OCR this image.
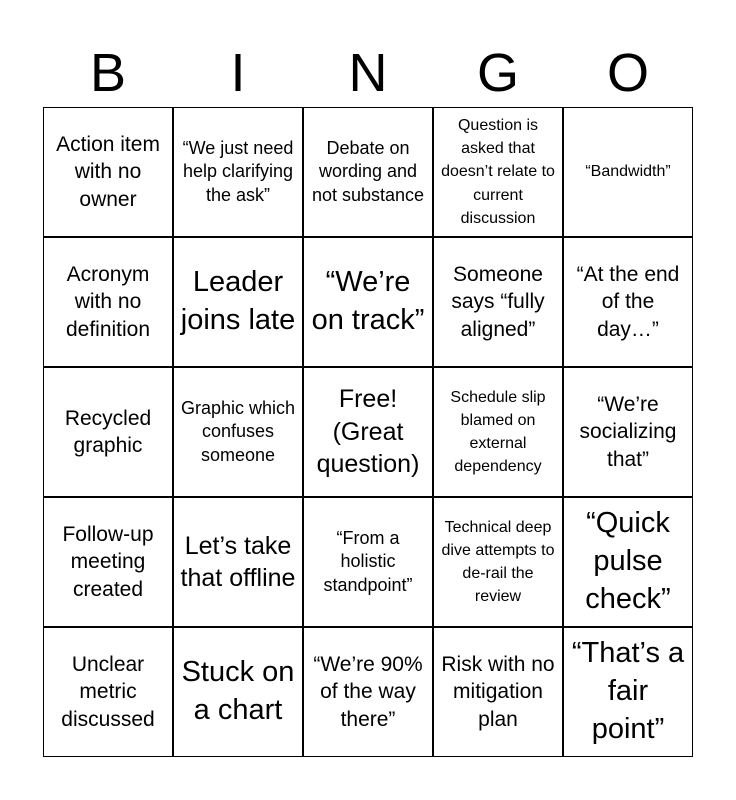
B	I	N	G	O
Action item with no owner
“We just need help clarifying the ask”
Debate on wording and not substance
Question is asked that doesn’t relate to current discussion
“Bandwidth”
Acronym with no definition
Leader joins late
“We’re on track”
Someone says “fully aligned”
“At the end of the day…”
Recycled graphic
Graphic which confuses someone
Free! (Great question)
Schedule slip blamed on external dependency
“We’re socializing that”
Follow-up meeting created
Let’s take that offline
“From a holistic standpoint”
Technical deep dive attempts to de-rail the review
“Quick pulse check”
Unclear metric discussed
Stuck on a chart
“We’re 90% of the way there”
Risk with no mitigation plan
“That’s a fair point”
